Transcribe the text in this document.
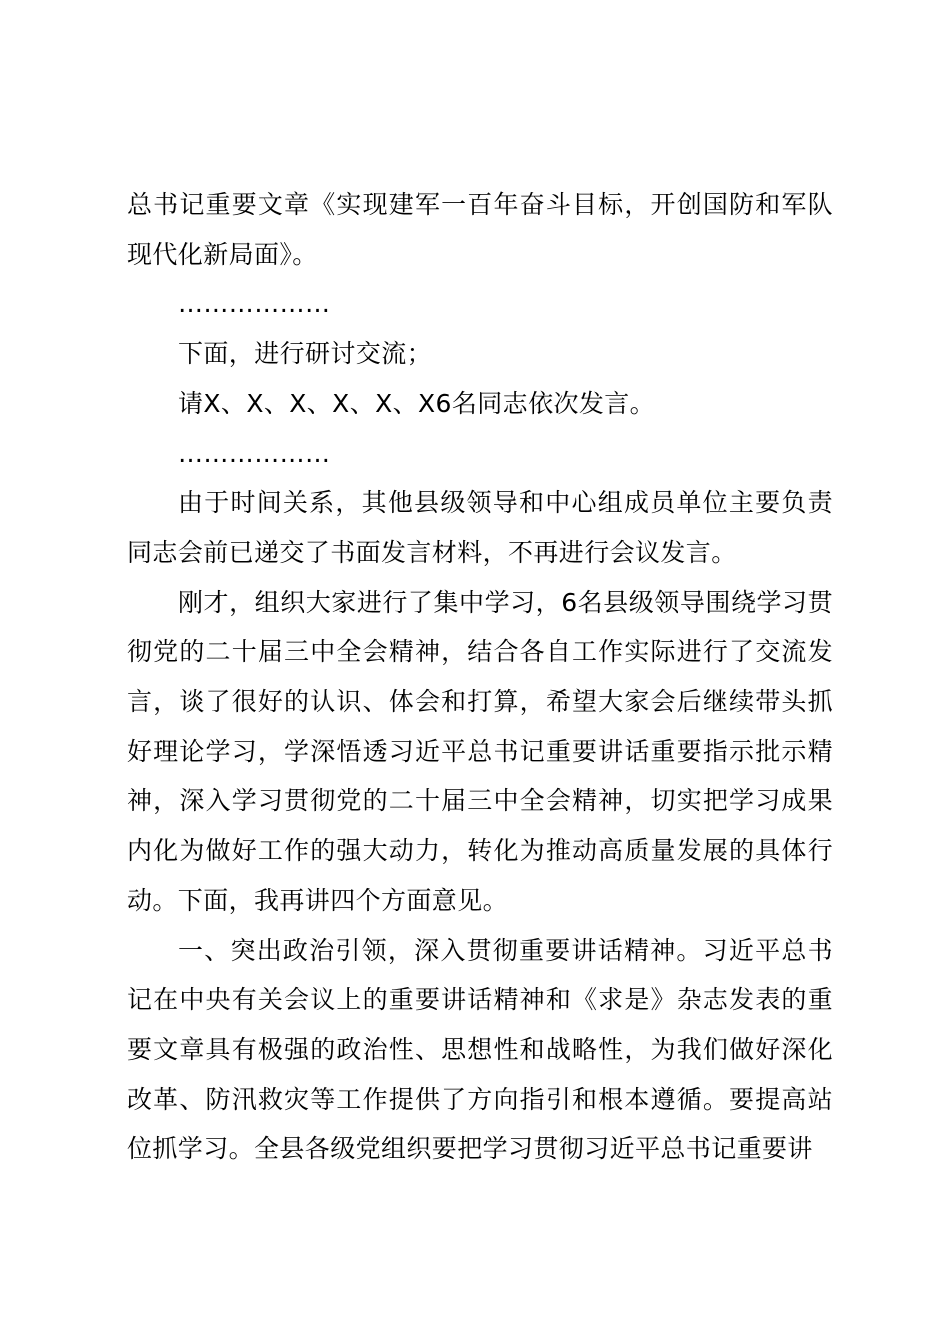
总书记重要文章《实现建军一百年奋斗目标，开创国防和军队现代化新局面》。

………………

下面，进行研讨交流；

请X、X、X、X、X、X6名同志依次发言。

………………

由于时间关系，其他县级领导和中心组成员单位主要负责同志会前已递交了书面发言材料，不再进行会议发言。

刚才，组织大家进行了集中学习，6名县级领导围绕学习贯彻党的二十届三中全会精神，结合各自工作实际进行了交流发言，谈了很好的认识、体会和打算，希望大家会后继续带头抓好理论学习，学深悟透习近平总书记重要讲话重要指示批示精神，深入学习贯彻党的二十届三中全会精神，切实把学习成果内化为做好工作的强大动力，转化为推动高质量发展的具体行动。下面，我再讲四个方面意见。

一、突出政治引领，深入贯彻重要讲话精神。习近平总书记在中央有关会议上的重要讲话精神和《求是》杂志发表的重要文章具有极强的政治性、思想性和战略性，为我们做好深化改革、防汛救灾等工作提供了方向指引和根本遵循。要提高站位抓学习。全县各级党组织要把学习贯彻习近平总书记重要讲
